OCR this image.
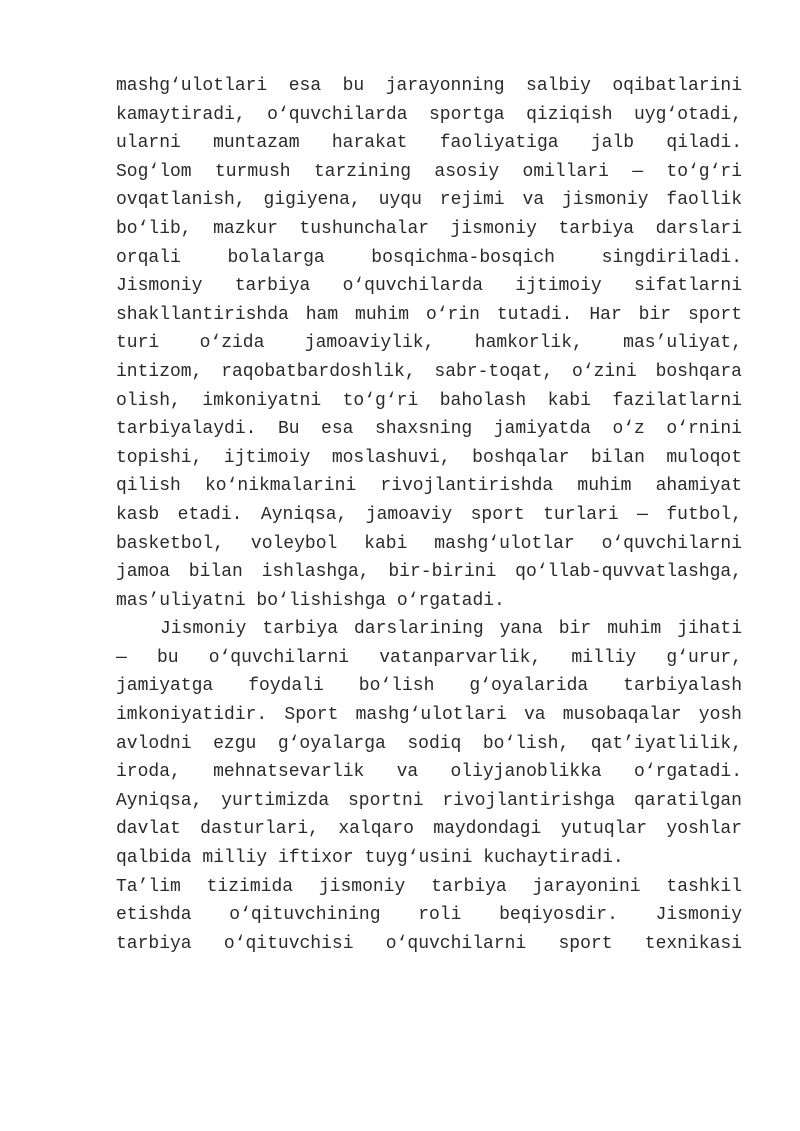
mashg‘ulotlari esa bu jarayonning salbiy oqibatlarini
kamaytiradi, o‘quvchilarda sportga qiziqish uyg‘otadi,
ularni muntazam harakat faoliyatiga jalb qiladi.
Sog‘lom turmush tarzining asosiy omillari — to‘g‘ri
ovqatlanish, gigiyena, uyqu rejimi va jismoniy faollik
bo‘lib, mazkur tushunchalar jismoniy tarbiya darslari
orqali bolalarga bosqichma-bosqich singdiriladi.
Jismoniy tarbiya o‘quvchilarda ijtimoiy sifatlarni
shakllantirishda ham muhim o‘rin tutadi. Har bir sport
turi o‘zida jamoaviylik, hamkorlik, mas’uliyat,
intizom, raqobatbardoshlik, sabr-toqat, o‘zini boshqara
olish, imkoniyatni to‘g‘ri baholash kabi fazilatlarni
tarbiyalaydi. Bu esa shaxsning jamiyatda o‘z o‘rnini
topishi, ijtimoiy moslashuvi, boshqalar bilan muloqot
qilish ko‘nikmalarini rivojlantirishda muhim ahamiyat
kasb etadi. Ayniqsa, jamoaviy sport turlari — futbol,
basketbol, voleybol kabi mashg‘ulotlar o‘quvchilarni
jamoa bilan ishlashga, bir-birini qo‘llab-quvvatlashga,
mas’uliyatni bo‘lishishga o‘rgatadi.
Jismoniy tarbiya darslarining yana bir muhim jihati
— bu o‘quvchilarni vatanparvarlik, milliy g‘urur,
jamiyatga foydali bo‘lish g‘oyalarida tarbiyalash
imkoniyatidir. Sport mashg‘ulotlari va musobaqalar yosh
avlodni ezgu g‘oyalarga sodiq bo‘lish, qat’iyatlilik,
iroda, mehnatsevarlik va oliyjanoblikka o‘rgatadi.
Ayniqsa, yurtimizda sportni rivojlantirishga qaratilgan
davlat dasturlari, xalqaro maydondagi yutuqlar yoshlar
qalbida milliy iftixor tuyg‘usini kuchaytiradi.
Ta’lim tizimida jismoniy tarbiya jarayonini tashkil
etishda o‘qituvchining roli beqiyosdir. Jismoniy
tarbiya o‘qituvchisi o‘quvchilarni sport texnikasi
